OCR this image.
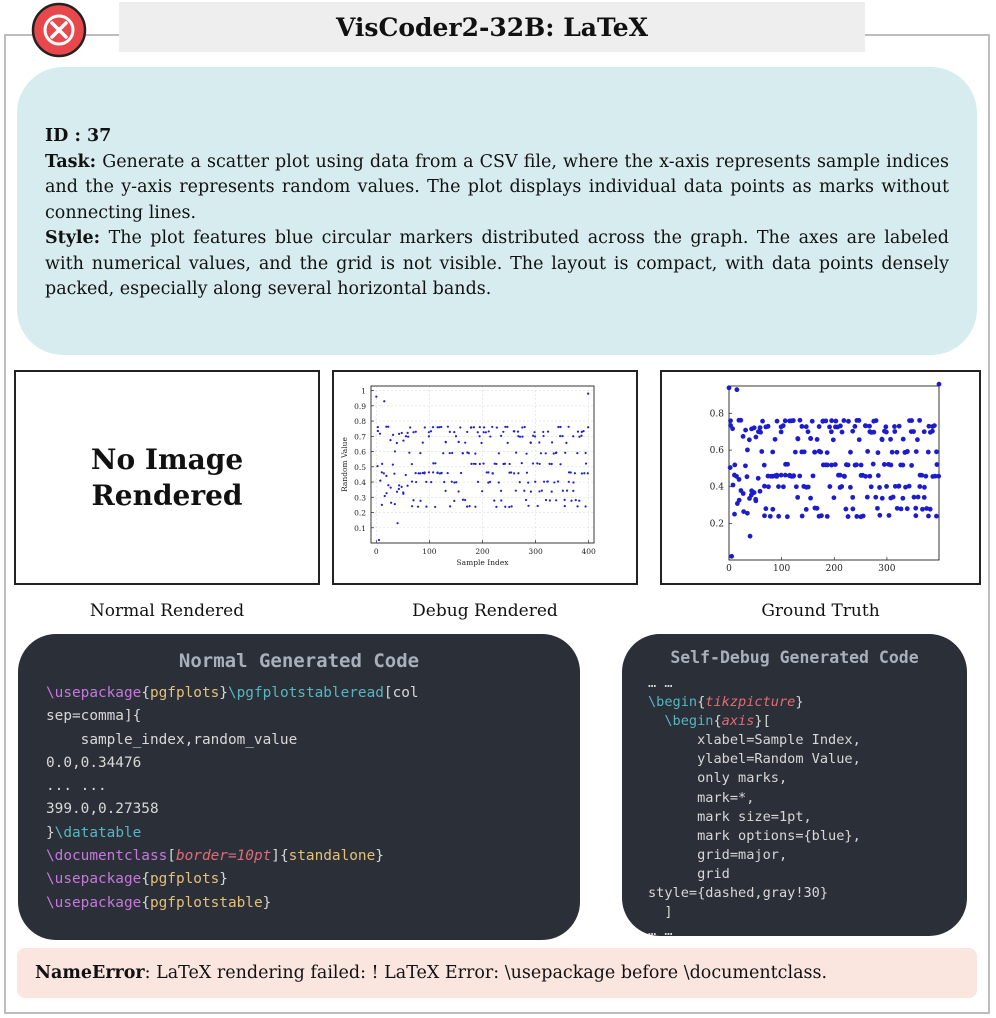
VisCoder2-32B: LaTeX

ID : 37

Task: Generate a scatter plot using data from a CSV file, where the x-axis represents sample indices and the y-axis represents random values. The plot displays individual data points as marks without connecting lines.

Style: The plot features blue circular markers distributed across the graph. The axes are labeled with numerical values, and the grid is not visible. The layout is compact, with data points densely packed, especially along several horizontal bands.

No Image
Rendered
0	100	200	300	400
0.1
0.2
0.3
0.4
0.5
0.6
0.7
0.8
0.9
1
Sample Index
Random Value
0	100	200	300
0.2
0.4
0.6
0.8
Normal Rendered	Debug Rendered	Ground Truth
Normal Generated Code
\usepackage{pgfplots}\pgfplotstableread[col
sep=comma]{
sample_index,random_value
0.0,0.34476
... ...
399.0,0.27358
}\datatable
\documentclass[border=10pt]{standalone}
\usepackage{pgfplots}
\usepackage{pgfplotstable}
Self-Debug Generated Code
… …
\begin{tikzpicture}
\begin{axis}[
xlabel=Sample Index,
ylabel=Random Value,
only marks,
mark=*,
mark size=1pt,
mark options={blue},
grid=major,
grid
style={dashed,gray!30}
]
… …
NameError : LaTeX rendering failed: ! LaTeX Error: \usepackage before \documentclass.
